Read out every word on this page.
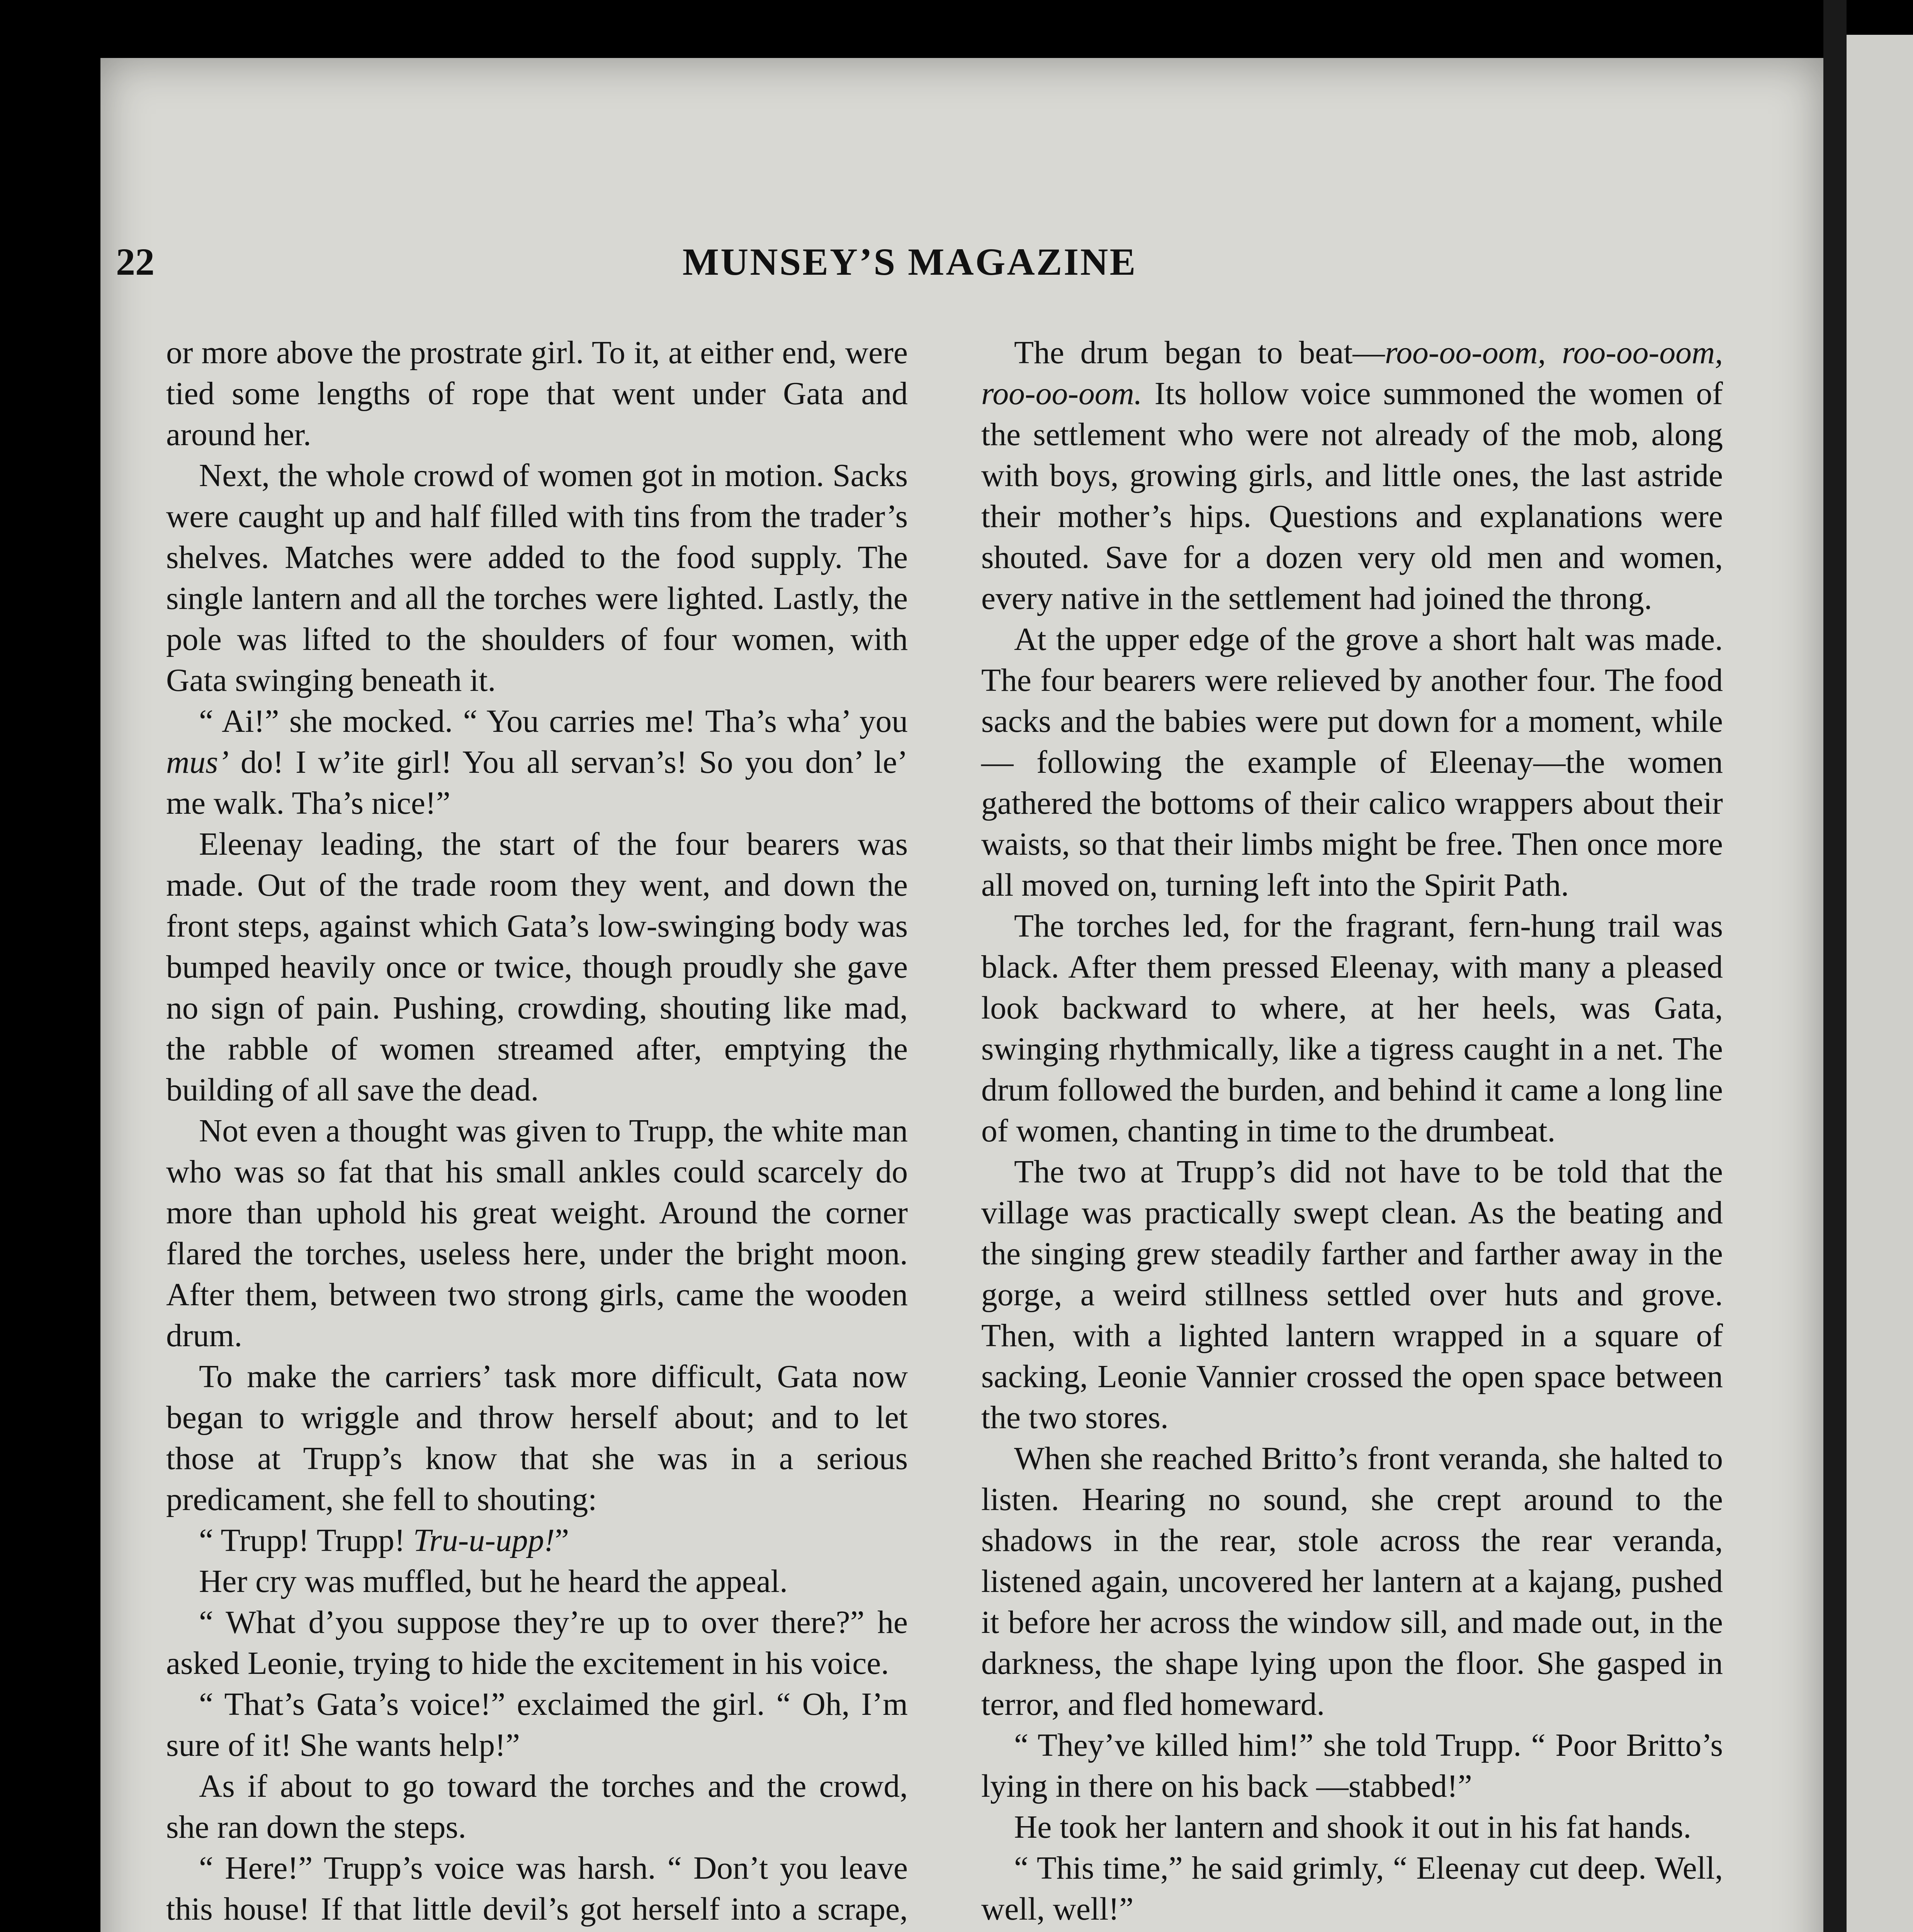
22	MUNSEY’S MAGAZINE

or more above the prostrate girl. To it, at either end, were tied some lengths of rope that went under Gata and around her.

Next, the whole crowd of women got in motion. Sacks were caught up and half filled with tins from the trader’s shelves. Matches were added to the food supply. The single lantern and all the torches were lighted. Lastly, the pole was lifted to the shoulders of four women, with Gata swinging beneath it.

“ Ai!” she mocked. “ You carries me! Tha’s wha’ you mus’ do! I w’ite girl! You all servan’s! So you don’ le’ me walk. Tha’s nice!”

Eleenay leading, the start of the four bearers was made. Out of the trade room they went, and down the front steps, against which Gata’s low-swinging body was bumped heavily once or twice, though proudly she gave no sign of pain. Pushing, crowding, shouting like mad, the rabble of women streamed after, emptying the building of all save the dead.

Not even a thought was given to Trupp, the white man who was so fat that his small ankles could scarcely do more than uphold his great weight. Around the corner flared the torches, useless here, under the bright moon. After them, between two strong girls, came the wooden drum.

To make the carriers’ task more difficult, Gata now began to wriggle and throw herself about; and to let those at Trupp’s know that she was in a serious predicament, she fell to shouting:

“ Trupp! Trupp! Tru-u-upp!”

Her cry was muffled, but he heard the appeal.

“ What d’you suppose they’re up to over there?” he asked Leonie, trying to hide the excitement in his voice.

“ That’s Gata’s voice!” exclaimed the girl. “ Oh, I’m sure of it! She wants help!”

As if about to go toward the torches and the crowd, she ran down the steps.

“ Here!” Trupp’s voice was harsh. “ Don’t you leave this house! If that little devil’s got herself into a scrape,

The drum began to beat—roo-oo-oom, roo-oo-oom, roo-oo-oom. Its hollow voice summoned the women of the settlement who were not already of the mob, along with boys, growing girls, and little ones, the last astride their mother’s hips. Questions and explanations were shouted. Save for a dozen very old men and women, every native in the settlement had joined the throng.

At the upper edge of the grove a short halt was made. The four bearers were relieved by another four. The food sacks and the babies were put down for a moment, while — following the example of Eleenay—the women gathered the bottoms of their calico wrappers about their waists, so that their limbs might be free. Then once more all moved on, turning left into the Spirit Path.

The torches led, for the fragrant, fern-hung trail was black. After them pressed Eleenay, with many a pleased look backward to where, at her heels, was Gata, swinging rhythmically, like a tigress caught in a net. The drum followed the burden, and behind it came a long line of women, chanting in time to the drumbeat.

The two at Trupp’s did not have to be told that the village was practically swept clean. As the beating and the singing grew steadily farther and farther away in the gorge, a weird stillness settled over huts and grove. Then, with a lighted lantern wrapped in a square of sacking, Leonie Vannier crossed the open space between the two stores.

When she reached Britto’s front veranda, she halted to listen. Hearing no sound, she crept around to the shadows in the rear, stole across the rear veranda, listened again, uncovered her lantern at a kajang, pushed it before her across the window sill, and made out, in the darkness, the shape lying upon the floor. She gasped in terror, and fled homeward.

“ They’ve killed him!” she told Trupp. “ Poor Britto’s lying in there on his back —stabbed!”

He took her lantern and shook it out in his fat hands.

“ This time,” he said grimly, “ Eleenay cut deep. Well, well, well!”
